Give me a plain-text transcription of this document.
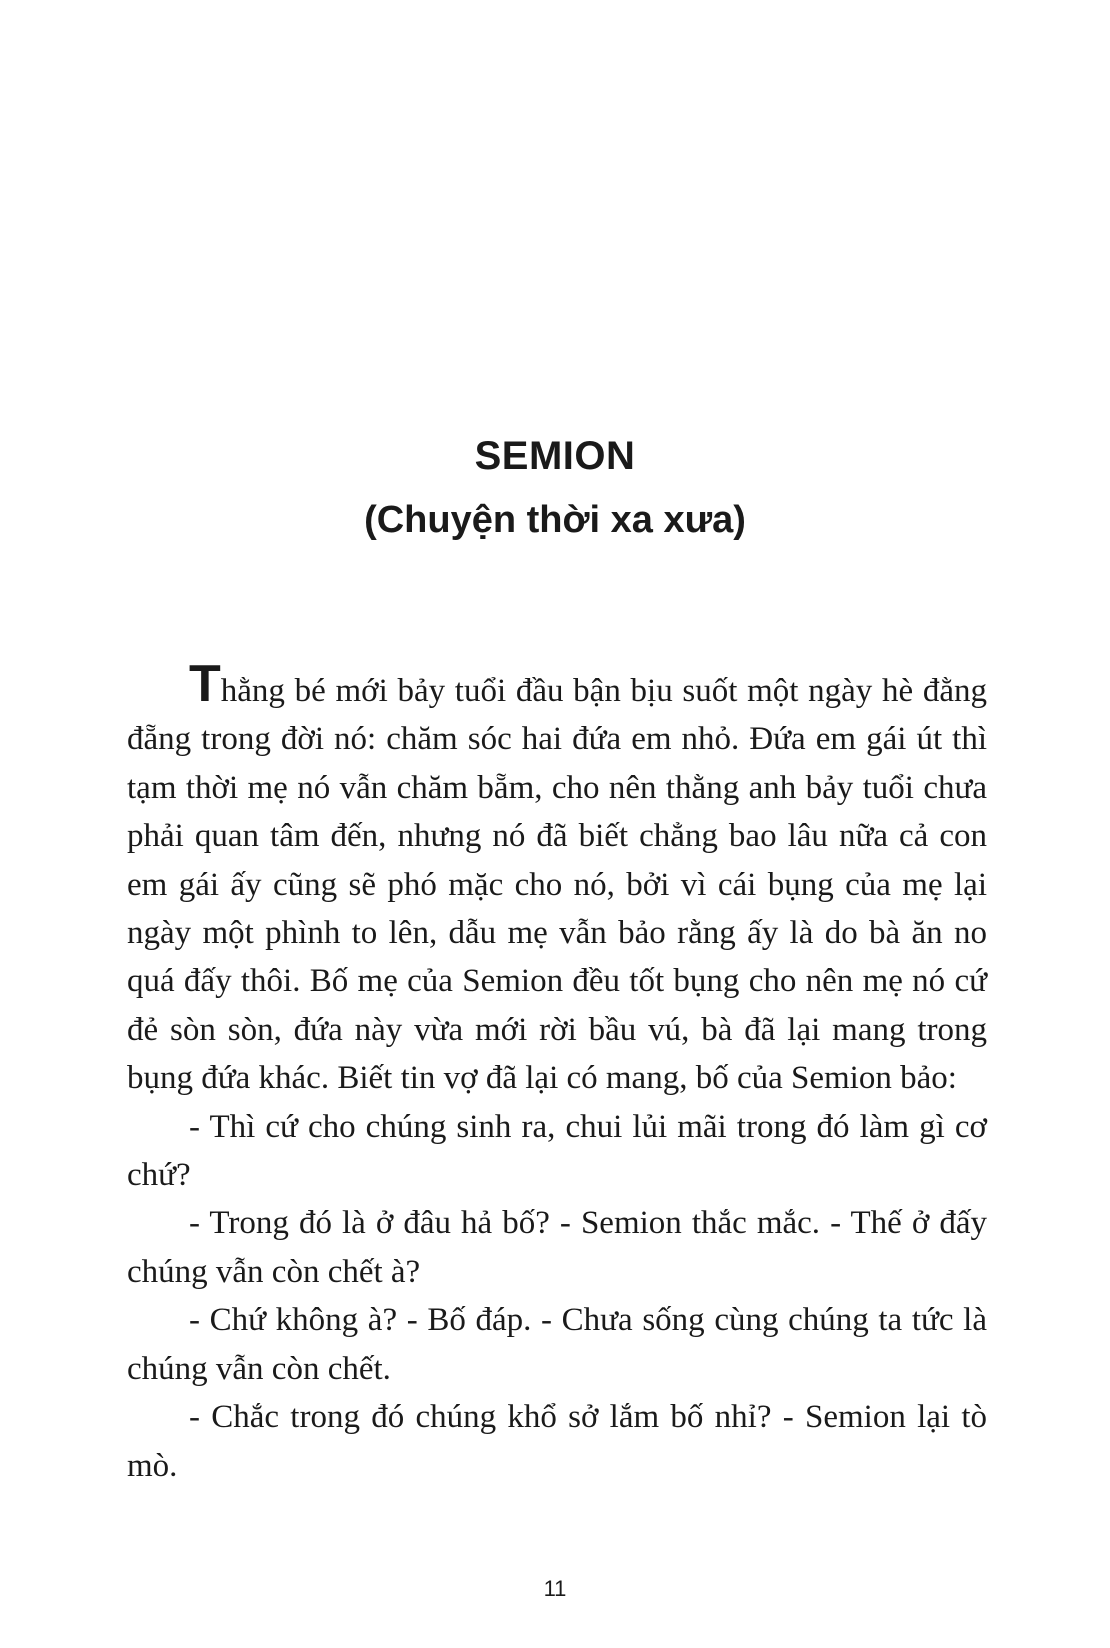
SEMION
(Chuyện thời xa xưa)

Thằng bé mới bảy tuổi đầu bận bịu suốt một ngày hè đằng đẵng trong đời nó: chăm sóc hai đứa em nhỏ. Đứa em gái út thì tạm thời mẹ nó vẫn chăm bẵm, cho nên thằng anh bảy tuổi chưa phải quan tâm đến, nhưng nó đã biết chẳng bao lâu nữa cả con em gái ấy cũng sẽ phó mặc cho nó, bởi vì cái bụng của mẹ lại ngày một phình to lên, dẫu mẹ vẫn bảo rằng ấy là do bà ăn no quá đấy thôi. Bố mẹ của Semion đều tốt bụng cho nên mẹ nó cứ đẻ sòn sòn, đứa này vừa mới rời bầu vú, bà đã lại mang trong bụng đứa khác. Biết tin vợ đã lại có mang, bố của Semion bảo:

- Thì cứ cho chúng sinh ra, chui lủi mãi trong đó làm gì cơ chứ?

- Trong đó là ở đâu hả bố? - Semion thắc mắc. - Thế ở đấy chúng vẫn còn chết à?

- Chứ không à? - Bố đáp. - Chưa sống cùng chúng ta tức là chúng vẫn còn chết.

- Chắc trong đó chúng khổ sở lắm bố nhỉ? - Semion lại tò mò.

11
